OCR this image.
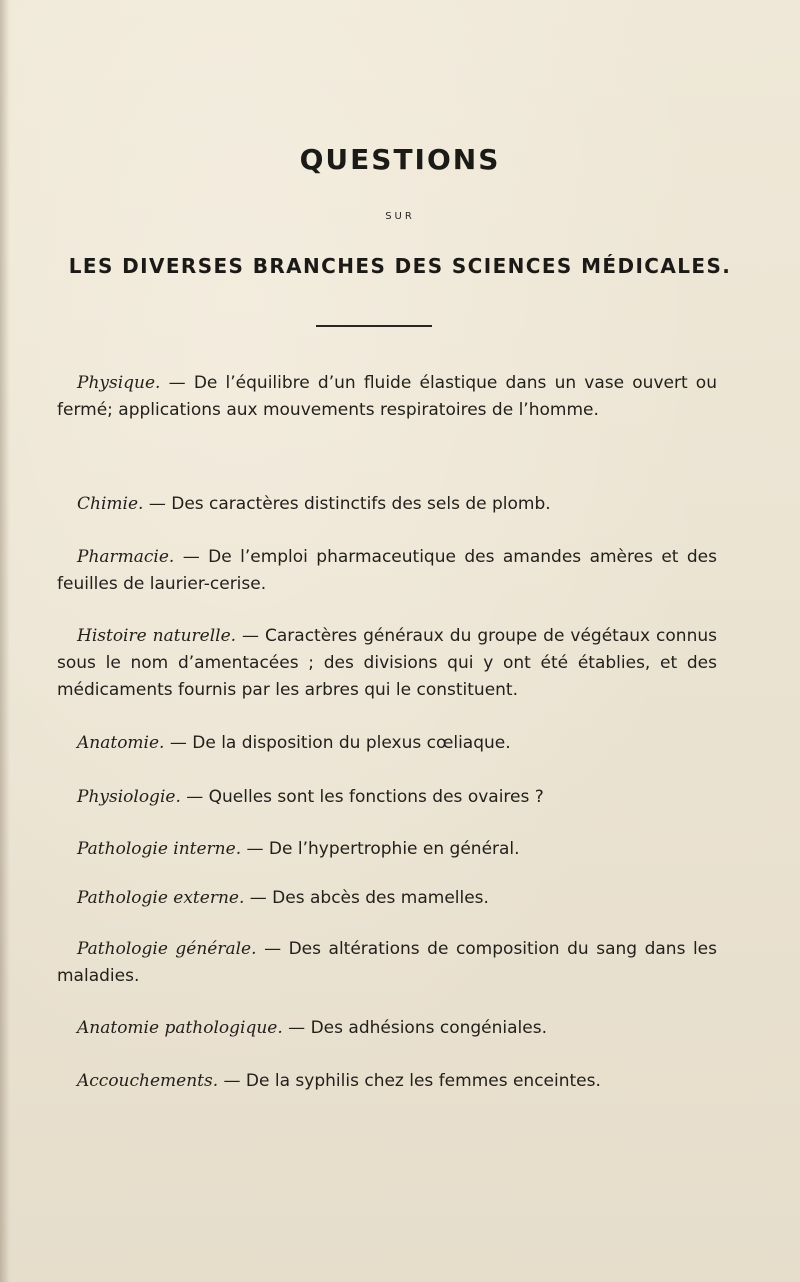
QUESTIONS
SUR
LES DIVERSES BRANCHES DES SCIENCES MÉDICALES.

Physique. — De l’équilibre d’un fluide élastique dans un vase ouvert ou fermé; applications aux mouvements respiratoires de l’homme.

Chimie. — Des caractères distinctifs des sels de plomb.

Pharmacie. — De l’emploi pharmaceutique des amandes amères et des feuilles de laurier-cerise.

Histoire naturelle. — Caractères généraux du groupe de végétaux connus sous le nom d’amentacées ; des divisions qui y ont été établies, et des médicaments fournis par les arbres qui le constituent.

Anatomie. — De la disposition du plexus cœliaque.

Physiologie. — Quelles sont les fonctions des ovaires ?

Pathologie interne. — De l’hypertrophie en général.

Pathologie externe. — Des abcès des mamelles.

Pathologie générale. — Des altérations de composition du sang dans les maladies.

Anatomie pathologique. — Des adhésions congéniales.

Accouchements. — De la syphilis chez les femmes enceintes.
